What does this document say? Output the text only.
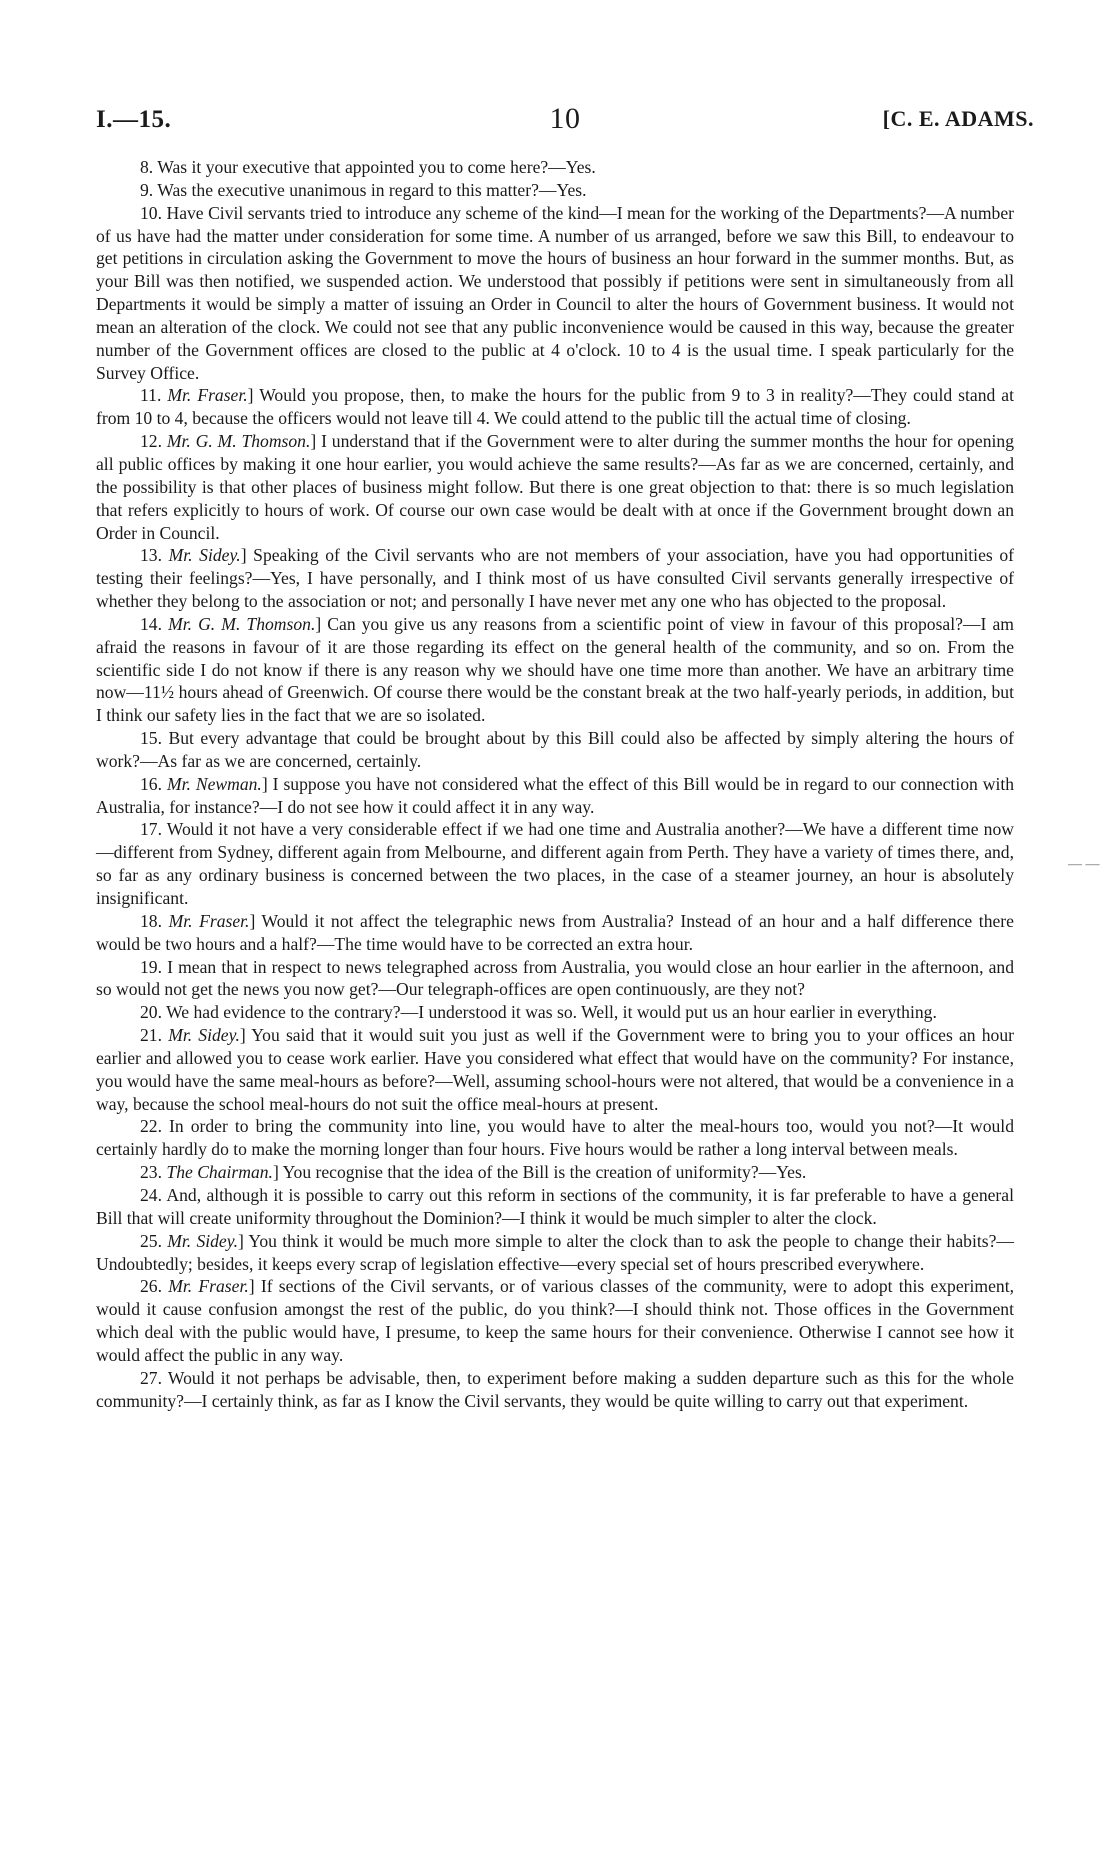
I.—15.	10	[C. E. ADAMS.

8. Was it your executive that appointed you to come here?—Yes.

9. Was the executive unanimous in regard to this matter?—Yes.

10. Have Civil servants tried to introduce any scheme of the kind—I mean for the working of the Departments?—A number of us have had the matter under consideration for some time. A number of us arranged, before we saw this Bill, to endeavour to get petitions in circulation asking the Government to move the hours of business an hour forward in the summer months. But, as your Bill was then notified, we suspended action. We understood that possibly if petitions were sent in simultaneously from all Departments it would be simply a matter of issuing an Order in Council to alter the hours of Government business. It would not mean an alteration of the clock. We could not see that any public inconvenience would be caused in this way, because the greater number of the Government offices are closed to the public at 4 o'clock. 10 to 4 is the usual time. I speak particularly for the Survey Office.

11. Mr. Fraser.] Would you propose, then, to make the hours for the public from 9 to 3 in reality?—They could stand at from 10 to 4, because the officers would not leave till 4. We could attend to the public till the actual time of closing.

12. Mr. G. M. Thomson.] I understand that if the Government were to alter during the summer months the hour for opening all public offices by making it one hour earlier, you would achieve the same results?—As far as we are concerned, certainly, and the possibility is that other places of business might follow. But there is one great objection to that: there is so much legislation that refers explicitly to hours of work. Of course our own case would be dealt with at once if the Government brought down an Order in Council.

13. Mr. Sidey.] Speaking of the Civil servants who are not members of your association, have you had opportunities of testing their feelings?—Yes, I have personally, and I think most of us have consulted Civil servants generally irrespective of whether they belong to the association or not; and personally I have never met any one who has objected to the proposal.

14. Mr. G. M. Thomson.] Can you give us any reasons from a scientific point of view in favour of this proposal?—I am afraid the reasons in favour of it are those regarding its effect on the general health of the community, and so on. From the scientific side I do not know if there is any reason why we should have one time more than another. We have an arbitrary time now—11½ hours ahead of Greenwich. Of course there would be the constant break at the two half-yearly periods, in addition, but I think our safety lies in the fact that we are so isolated.

15. But every advantage that could be brought about by this Bill could also be affected by simply altering the hours of work?—As far as we are concerned, certainly.

16. Mr. Newman.] I suppose you have not considered what the effect of this Bill would be in regard to our connection with Australia, for instance?—I do not see how it could affect it in any way.

17. Would it not have a very considerable effect if we had one time and Australia another?—We have a different time now—different from Sydney, different again from Melbourne, and different again from Perth. They have a variety of times there, and, so far as any ordinary business is concerned between the two places, in the case of a steamer journey, an hour is absolutely insignificant.

18. Mr. Fraser.] Would it not affect the telegraphic news from Australia? Instead of an hour and a half difference there would be two hours and a half?—The time would have to be corrected an extra hour.

19. I mean that in respect to news telegraphed across from Australia, you would close an hour earlier in the afternoon, and so would not get the news you now get?—Our telegraph-offices are open continuously, are they not?

20. We had evidence to the contrary?—I understood it was so. Well, it would put us an hour earlier in everything.

21. Mr. Sidey.] You said that it would suit you just as well if the Government were to bring you to your offices an hour earlier and allowed you to cease work earlier. Have you considered what effect that would have on the community? For instance, you would have the same meal-hours as before?—Well, assuming school-hours were not altered, that would be a convenience in a way, because the school meal-hours do not suit the office meal-hours at present.

22. In order to bring the community into line, you would have to alter the meal-hours too, would you not?—It would certainly hardly do to make the morning longer than four hours. Five hours would be rather a long interval between meals.

23. The Chairman.] You recognise that the idea of the Bill is the creation of uniformity?—Yes.

24. And, although it is possible to carry out this reform in sections of the community, it is far preferable to have a general Bill that will create uniformity throughout the Dominion?—I think it would be much simpler to alter the clock.

25. Mr. Sidey.] You think it would be much more simple to alter the clock than to ask the people to change their habits?—Undoubtedly; besides, it keeps every scrap of legislation effective—every special set of hours prescribed everywhere.

26. Mr. Fraser.] If sections of the Civil servants, or of various classes of the community, were to adopt this experiment, would it cause confusion amongst the rest of the public, do you think?—I should think not. Those offices in the Government which deal with the public would have, I presume, to keep the same hours for their convenience. Otherwise I cannot see how it would affect the public in any way.

27. Would it not perhaps be advisable, then, to experiment before making a sudden departure such as this for the whole community?—I certainly think, as far as I know the Civil servants, they would be quite willing to carry out that experiment.

— —
